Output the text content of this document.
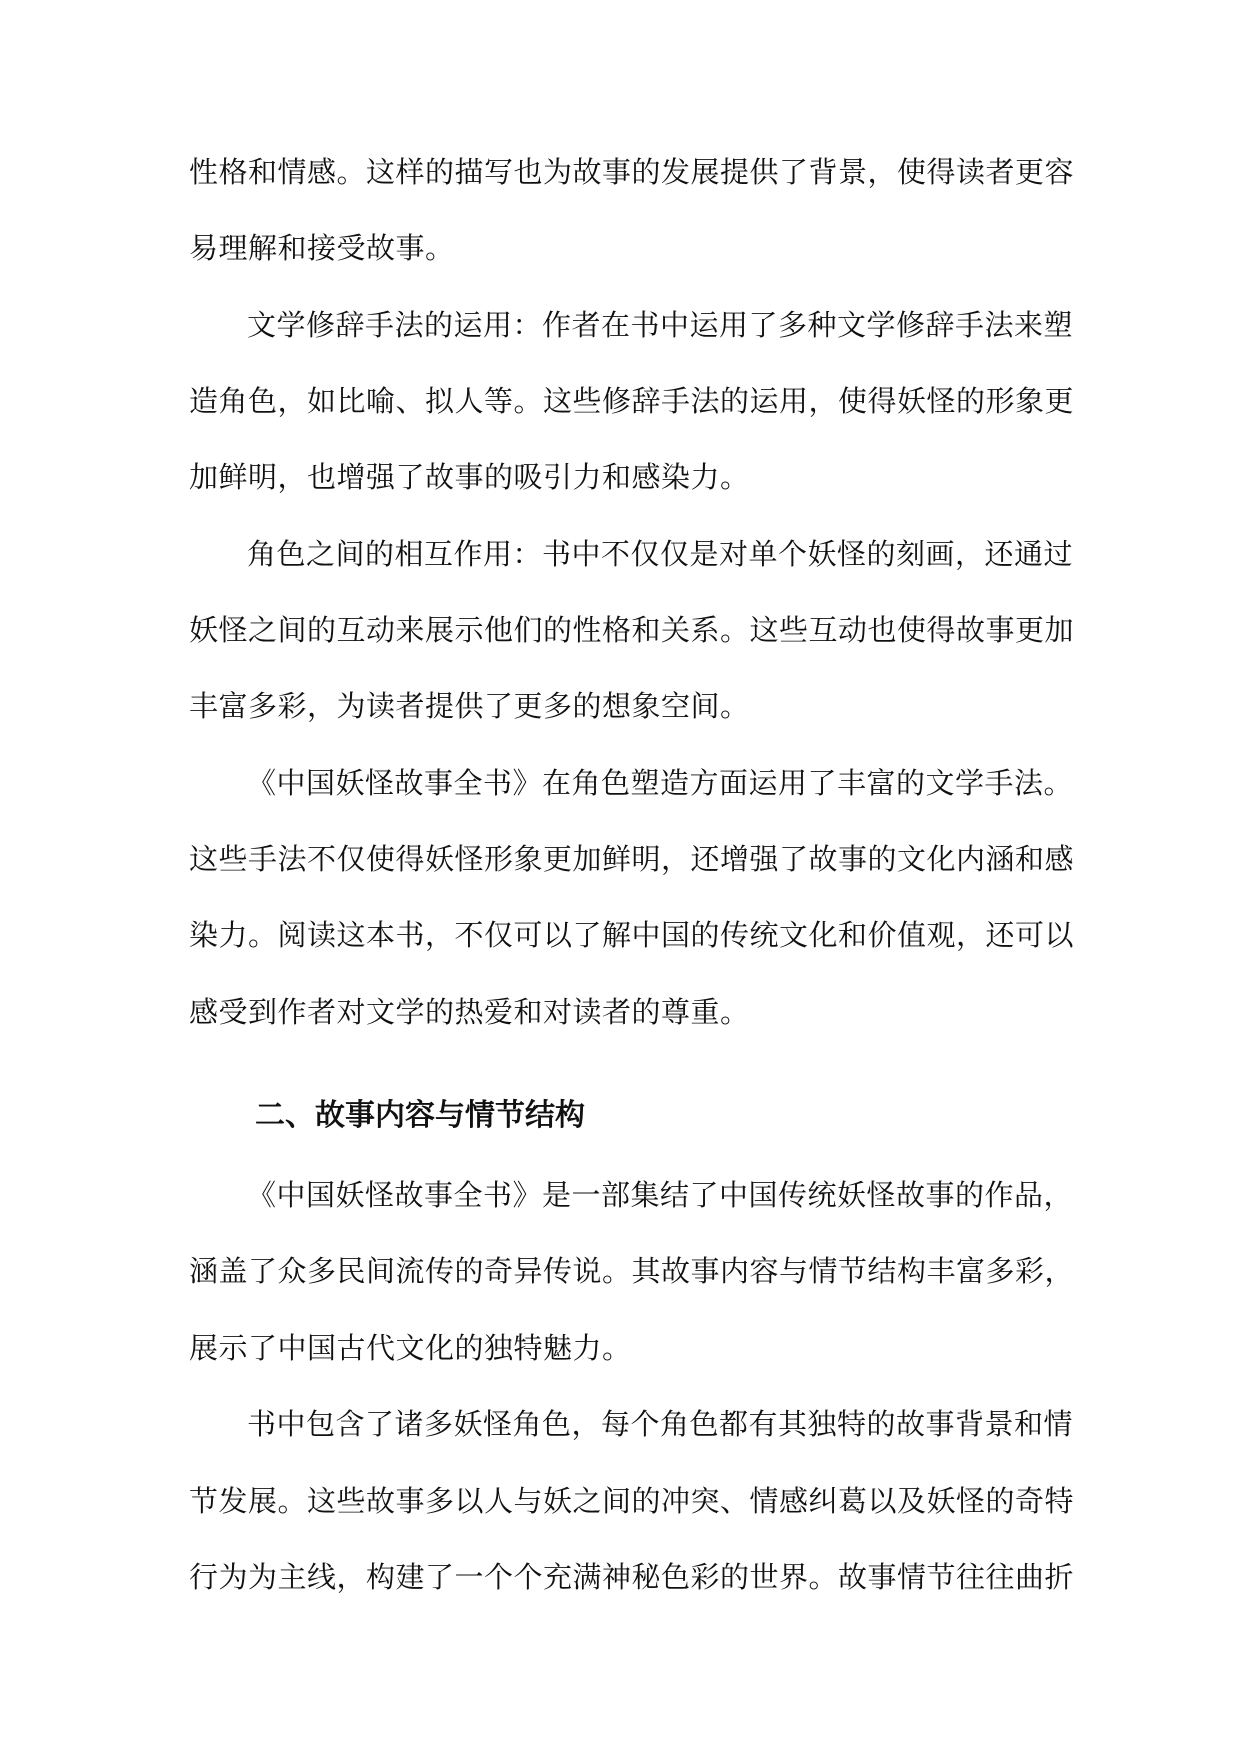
性格和情感。这样的描写也为故事的发展提供了背景，使得读者更容
易理解和接受故事。
文学修辞手法的运用：作者在书中运用了多种文学修辞手法来塑
造角色，如比喻、拟人等。这些修辞手法的运用，使得妖怪的形象更
加鲜明，也增强了故事的吸引力和感染力。
角色之间的相互作用：书中不仅仅是对单个妖怪的刻画，还通过
妖怪之间的互动来展示他们的性格和关系。这些互动也使得故事更加
丰富多彩，为读者提供了更多的想象空间。
《中国妖怪故事全书》在角色塑造方面运用了丰富的文学手法。
这些手法不仅使得妖怪形象更加鲜明，还增强了故事的文化内涵和感
染力。阅读这本书，不仅可以了解中国的传统文化和价值观，还可以
感受到作者对文学的热爱和对读者的尊重。
《中国妖怪故事全书》是一部集结了中国传统妖怪故事的作品，
涵盖了众多民间流传的奇异传说。其故事内容与情节结构丰富多彩，
展示了中国古代文化的独特魅力。
书中包含了诸多妖怪角色，每个角色都有其独特的故事背景和情
节发展。这些故事多以人与妖之间的冲突、情感纠葛以及妖怪的奇特
行为为主线，构建了一个个充满神秘色彩的世界。故事情节往往曲折
二、故事内容与情节结构
